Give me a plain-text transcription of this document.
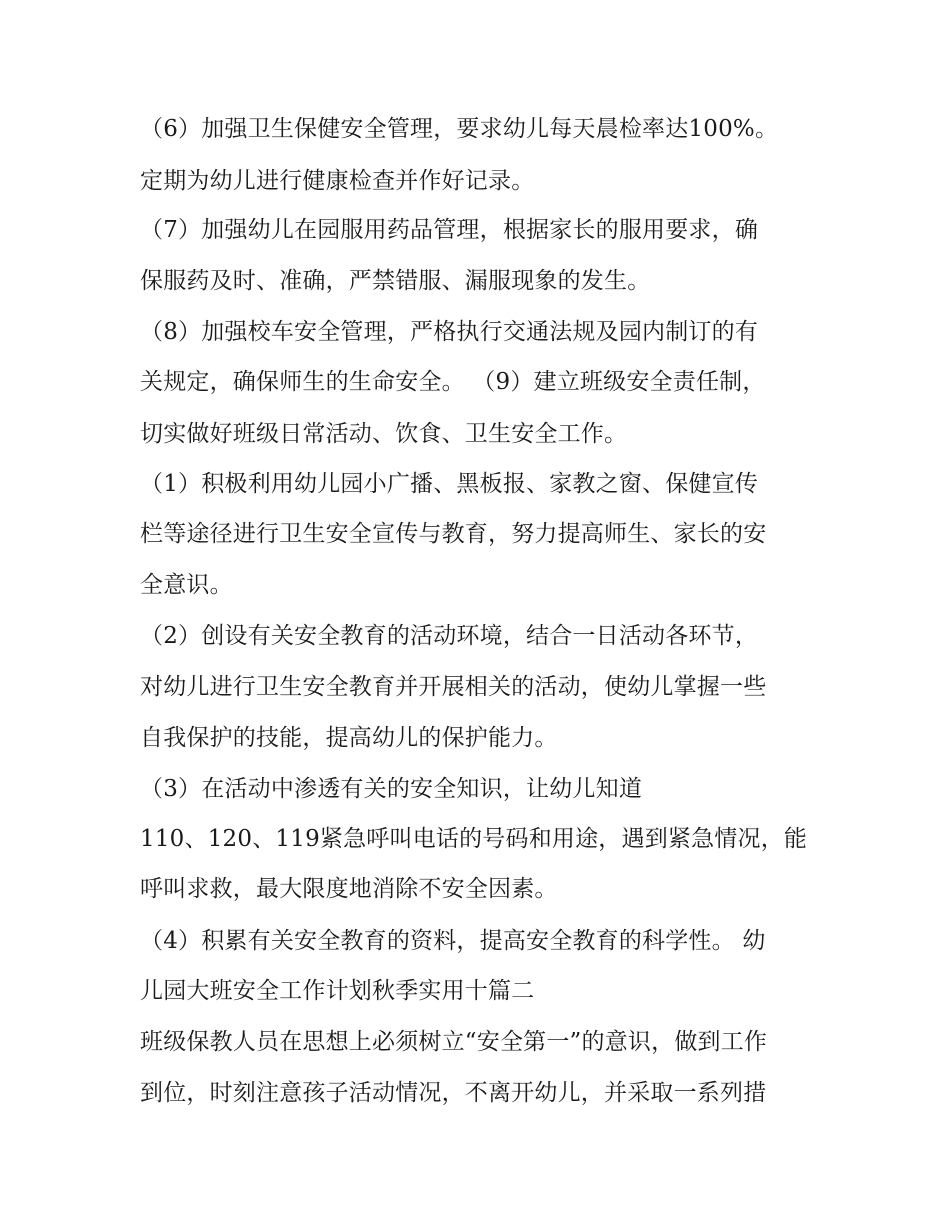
（6）加强卫生保健安全管理，要求幼儿每天晨检率达100%。
定期为幼儿进行健康检查并作好记录。
（7）加强幼儿在园服用药品管理，根据家长的服用要求，确
保服药及时、准确，严禁错服、漏服现象的发生。
（8）加强校车安全管理，严格执行交通法规及园内制订的有
关规定，确保师生的生命安全。 （9）建立班级安全责任制，
切实做好班级日常活动、饮食、卫生安全工作。
（1）积极利用幼儿园小广播、黑板报、家教之窗、保健宣传
栏等途径进行卫生安全宣传与教育，努力提高师生、家长的安
全意识。
（2）创设有关安全教育的活动环境，结合一日活动各环节，
对幼儿进行卫生安全教育并开展相关的活动，使幼儿掌握一些
自我保护的技能，提高幼儿的保护能力。
（3）在活动中渗透有关的安全知识，让幼儿知道
110、120、119紧急呼叫电话的号码和用途，遇到紧急情况，能
呼叫求救，最大限度地消除不安全因素。
（4）积累有关安全教育的资料，提高安全教育的科学性。 幼
儿园大班安全工作计划秋季实用十篇二
班级保教人员在思想上必须树立“安全第一”的意识，做到工作
到位，时刻注意孩子活动情况，不离开幼儿，并采取一系列措
